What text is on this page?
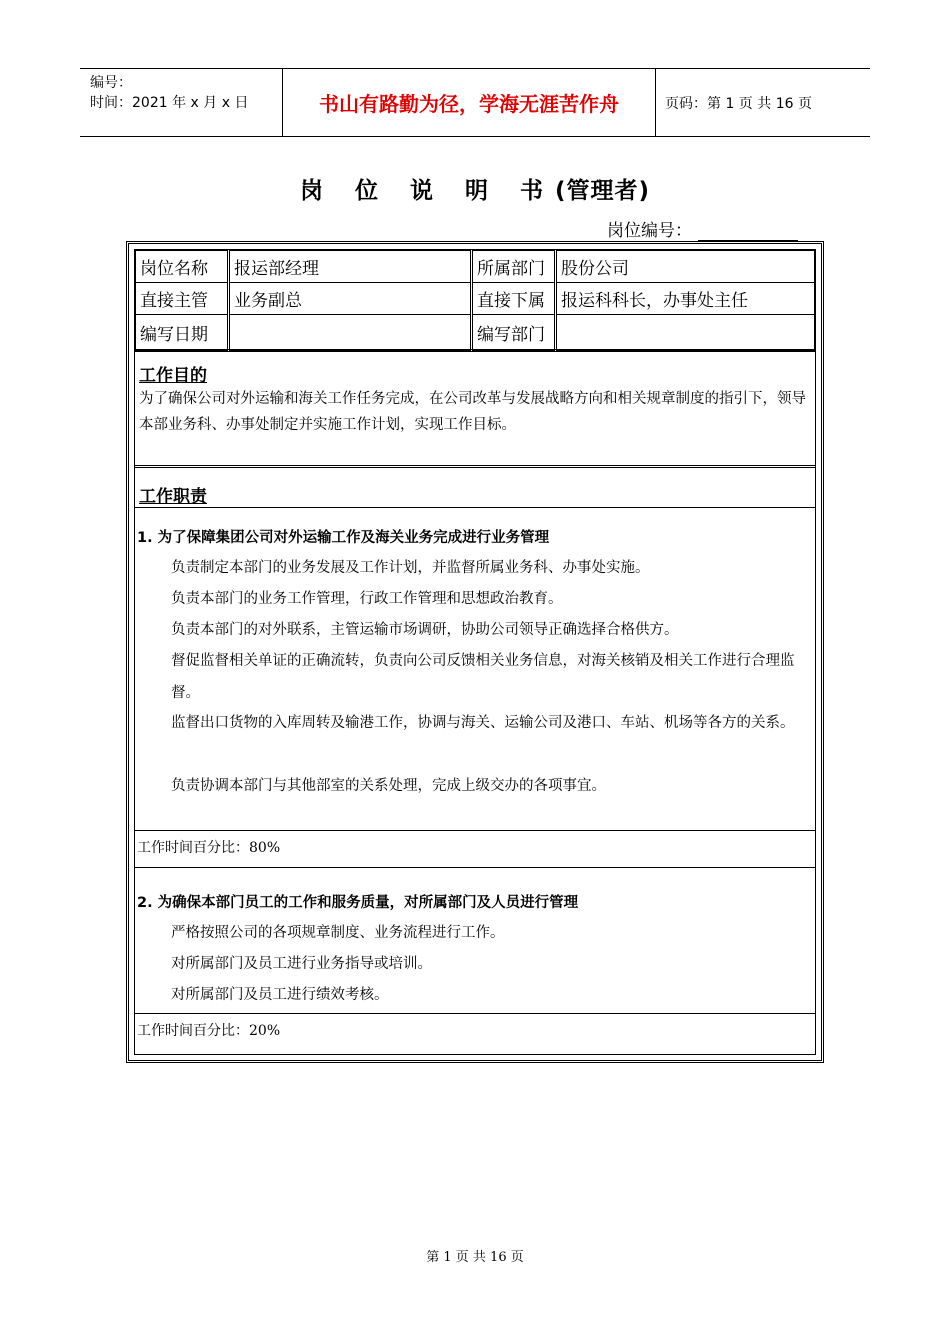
编号：
时间：2021 年 x 月 x 日	书山有路勤为径，学海无涯苦作舟	页码：第 1 页 共 16 页
岗 位 说 明 书(管理者)
岗位编号：
岗位名称	报运部经理	所属部门	股份公司
直接主管	业务副总	直接下属	报运科科长，办事处主任
编写日期		编写部门	
工作目的
为了确保公司对外运输和海关工作任务完成，在公司改革与发展战略方向和相关规章制度的指引下，领导本部业务科、办事处制定并实施工作计划，实现工作目标。
工作职责
1. 为了保障集团公司对外运输工作及海关业务完成进行业务管理
负责制定本部门的业务发展及工作计划，并监督所属业务科、办事处实施。
负责本部门的业务工作管理，行政工作管理和思想政治教育。
负责本部门的对外联系，主管运输市场调研，协助公司领导正确选择合格供方。
督促监督相关单证的正确流转，负责向公司反馈相关业务信息，对海关核销及相关工作进行合理监督。
监督出口货物的入库周转及输港工作，协调与海关、运输公司及港口、车站、机场等各方的关系。
负责协调本部门与其他部室的关系处理，完成上级交办的各项事宜。
工作时间百分比：80%
2. 为确保本部门员工的工作和服务质量，对所属部门及人员进行管理
严格按照公司的各项规章制度、业务流程进行工作。
对所属部门及员工进行业务指导或培训。
对所属部门及员工进行绩效考核。
工作时间百分比：20%
第 1 页 共 16 页
